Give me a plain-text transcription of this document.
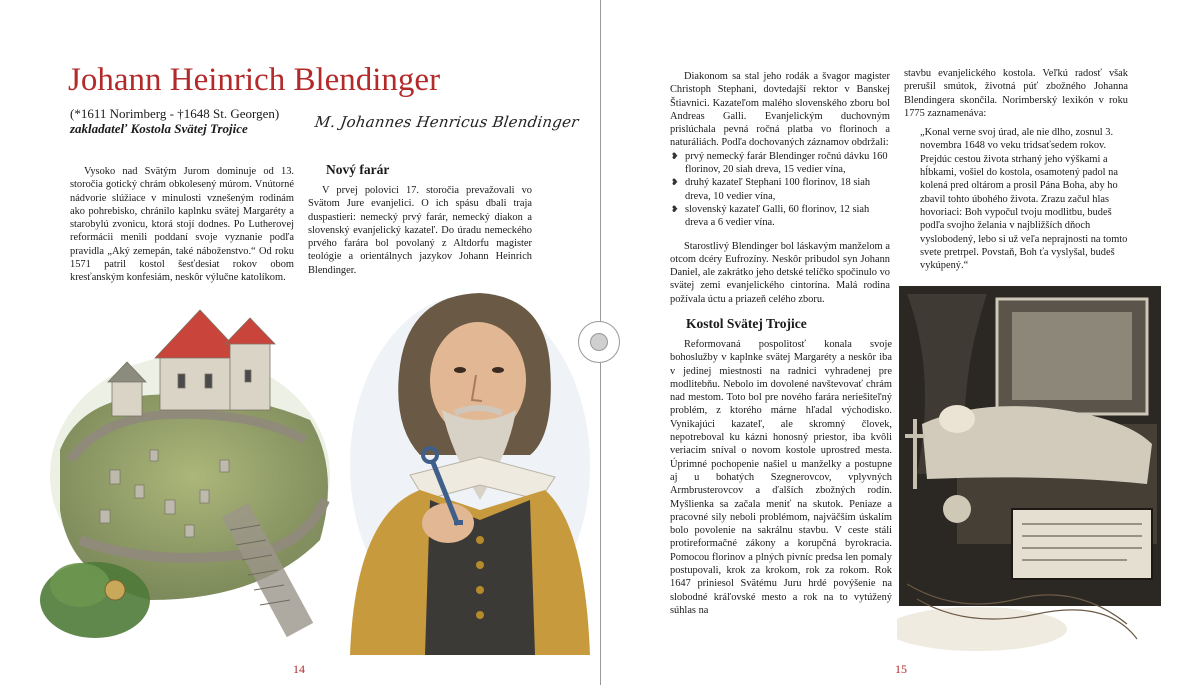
Johann Heinrich Blendinger
(*1611 Norimberg - †1648 St. Georgen)
zakladateľ Kostola Svätej Trojice	M. Johannes Henricus Blendinger

Vysoko nad Svätým Jurom dominuje od 13. storočia gotický chrám obkolesený múrom. Vnútorné nádvorie slúžiace v minulosti vznešeným rodinám ako pohrebisko, chránilo kaplnku svätej Margaréty a starobylú zvonicu, ktorá stojí dodnes. Po Lutherovej reformácii menili poddaní svoje vyznanie podľa pravidla „Aký zemepán, také náboženstvo.“ Od roku 1571 patril kostol šesťdesiat rokov obom kresťanským konfesiám, neskôr výlučne katolíkom.

Nový farár

V prvej polovici 17. storočia prevažovali vo Svätom Jure evanjelici. O ich spásu dbali traja duspastieri: nemecký prvý farár, nemecký diakon a slovenský evanjelický kazateľ. Do úradu nemeckého prvého farára bol povolaný z Altdorfu magister teológie a orientálnych jazykov Johann Heinrich Blendinger.

14

Diakonom sa stal jeho rodák a švagor magister Christoph Stephani, dovtedajší rektor v Banskej Štiavnici. Kazateľom malého slovenského zboru bol Andreas Galli. Evanjelickým duchovným prislúchala pevná ročná platba vo florinoch a naturáliách. Podľa dochovaných záznamov obdržali:

❥ prvý nemecký farár Blendinger ročnú dávku 160 florinov, 20 siah dreva, 15 vedier vína,
❥ druhý kazateľ Stephani 100 florinov, 18 siah dreva, 10 vedier vína,
❥ slovenský kazateľ Galli, 60 florinov, 12 siah dreva a 6 vedier vína.

Starostlivý Blendinger bol láskavým manželom a otcom dcéry Eufrozíny. Neskôr pribudol syn Johann Daniel, ale zakrátko jeho detské telíčko spočinulo vo svätej zemi evanjelického cintorína. Malá rodina požívala úctu a priazeň celého zboru.

Kostol Svätej Trojice

Reformovaná pospolitosť konala svoje bohoslužby v kaplnke svätej Margaréty a neskôr iba v jedinej miestnosti na radnici vyhradenej pre modlitebňu. Nebolo im dovolené navštevovať chrám nad mestom. Toto bol pre nového farára neriešiteľný problém, z ktorého márne hľadal východisko. Vynikajúci kazateľ, ale skromný človek, nepotreboval ku kázni honosný priestor, iba kvôli veriacim sníval o novom kostole uprostred mesta. Úprimné pochopenie našiel u manželky a postupne aj u bohatých Szegnerovcov, vplyvných Armbrusterovcov a ďalších zbožných rodín. Myšlienka sa začala meniť na skutok. Peniaze a pracovné sily neboli problémom, najväčším úskalím bolo povolenie na sakrálnu stavbu. V ceste stáli protireformačné zákony a korupčná byrokracia. Pomocou florinov a plných pivníc predsa len pomaly postupovali, krok za krokom, rok za rokom. Rok 1647 priniesol Svätému Juru hrdé povýšenie na slobodné kráľovské mesto a rok na to vytúžený súhlas na

stavbu evanjelického kostola. Veľkú radosť však prerušil smútok, životná púť zbožného Johanna Blendingera skončila. Norimberský lexikón v roku 1775 zaznamenáva:

„Konal verne svoj úrad, ale nie dlho, zosnul 3. novembra 1648 vo veku tridsaťsedem rokov. Prejdúc cestou života strhaný jeho výškami a hĺbkami, vošiel do kostola, osamotený padol na kolená pred oltárom a prosil Pána Boha, aby ho zbavil tohto úbohého života. Zrazu začul hlas hovoriaci: Boh vypočul tvoju modlitbu, budeš podľa svojho želania v najbližších dňoch vyslobodený, lebo si už veľa neprajnosti na tomto svete pretrpel. Povstaň, Boh ťa vyslyšal, budeš vykúpený.“
15
